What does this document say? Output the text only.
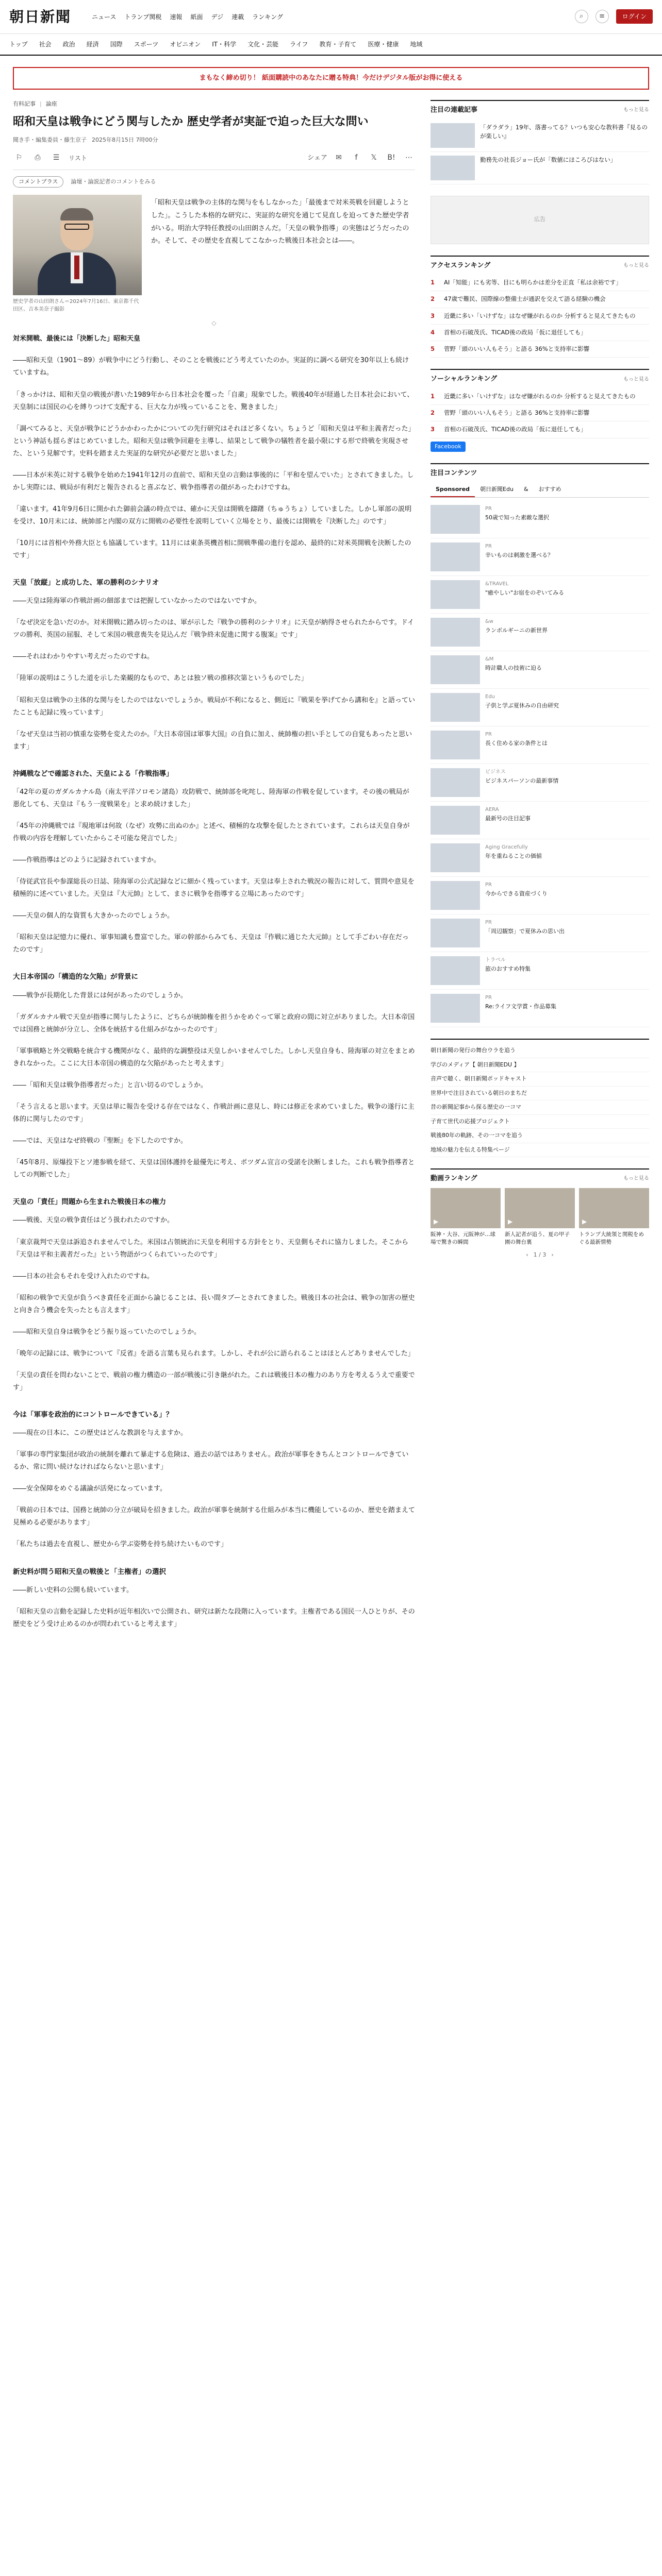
朝日新聞	ニュース トランプ関税 速報 紙面 デジ 連載 ランキング	⌕	≡	ログイン
トップ 社会 政治 経済 国際 スポーツ オピニオン IT・科学 文化・芸能 ライフ 教育・子育て 医療・健康 地域
まもなく締め切り！ 紙面購読中のあなたに贈る特典！今だけデジタル版がお得に使える
有料記事 | 論座
昭和天皇は戦争にどう関与したか 歴史学者が実証で迫った巨大な問い
聞き手・編集委員・藤生京子 2025年8月15日 7時00分
⚐	⎙	☰	リスト	シェア	✉	f	𝕏	B!	⋯
コメントプラス	論壇・論説記者のコメントをみる
歴史学者の山田朗さん＝2024年7月16日、東京都千代田区、吉本美奈子撮影

「昭和天皇は戦争の主体的な関与をもしなかった」「最後まで対米英戦を回避しようとした」。こうした本格的な研究に、実証的な研究を通じて見直しを迫ってきた歴史学者がいる。明治大学特任教授の山田朗さんだ。「天皇の戦争指導」の実態はどうだったのか。そして、その歴史を直視してこなかった戦後日本社会とは――。

◇

対米開戦、最後には「決断した」昭和天皇

――昭和天皇（1901～89）が戦争中にどう行動し、そのことを戦後にどう考えていたのか。実証的に調べる研究を30年以上も続けていますね。

「きっかけは、昭和天皇の戦後が書いた1989年から日本社会を覆った「自粛」現象でした。戦後40年が経過した日本社会において、天皇制には国民の心を縛りつけて支配する、巨大な力が残っていることを、驚きました」

「調べてみると、天皇が戦争にどうかかわったかについての先行研究はそれほど多くない。ちょうど「昭和天皇は平和主義者だった」という神話も揺らぎはじめていました。昭和天皇は戦争回避を主導し、結果として戦争の犠牲者を最小限にする形で終戦を実現させた、という見解です。史料を踏まえた実証的な研究が必要だと思いました」

――日本が米英に対する戦争を始めた1941年12月の直前で、昭和天皇の言動は事後的に「平和を望んでいた」とされてきました。しかし実際には、戦局が有利だと報告されると喜ぶなど、戦争指導者の顔があったわけですね。

「違います。41年9月6日に開かれた御前会議の時点では、確かに天皇は開戦を躊躇（ちゅうちょ）していました。しかし軍部の説明を受け、10月末には、統帥部と内閣の双方に開戦の必要性を説明していく立場をとり、最後には開戦を『決断した』のです」

「10月には首相や外務大臣とも協議しています。11月には東条英機首相に開戦準備の進行を認め、最終的に対米英開戦を決断したのです」

天皇「放縦」と成功した、軍の勝利のシナリオ

――天皇は陸海軍の作戦計画の細部までは把握していなかったのではないですか。

「なぜ決定を急いだのか。対米開戦に踏み切ったのは、軍が示した『戦争の勝利のシナリオ』に天皇が納得させられたからです。ドイツの勝利、英国の屈服、そして米国の戦意喪失を見込んだ『戦争終末促進に関する腹案』です」

――それはわかりやすい考えだったのですね。

「陸軍の説明はこうした道を示した楽観的なもので、あとは独ソ戦の推移次第というものでした」

「昭和天皇は戦争の主体的な関与をしたのではないでしょうか。戦局が不利になると、側近に『戦果を挙げてから講和を』と語っていたことも記録に残っています」

「なぜ天皇は当初の慎重な姿勢を変えたのか。『大日本帝国は軍事大国』の自負に加え、統帥権の担い手としての自覚もあったと思います」

沖縄戦などで確認された、天皇による「作戦指導」

「42年の夏のガダルカナル島（南太平洋ソロモン諸島）攻防戦で、統帥部を叱咤し、陸海軍の作戦を促しています。その後の戦局が悪化しても、天皇は『もう一度戦果を』と求め続けました」

「45年の沖縄戦では『現地軍は何故（なぜ）攻勢に出ぬのか』と述べ、積極的な攻撃を促したとされています。これらは天皇自身が作戦の内容を理解していたからこそ可能な発言でした」

――作戦指導はどのように記録されていますか。

「侍従武官長や参謀総長の日誌、陸海軍の公式記録などに細かく残っています。天皇は奉上された戦況の報告に対して、質問や意見を積極的に述べていました。天皇は『大元帥』として、まさに戦争を指導する立場にあったのです」

――天皇の個人的な資質も大きかったのでしょうか。

「昭和天皇は記憶力に優れ、軍事知識も豊富でした。軍の幹部からみても、天皇は『作戦に通じた大元帥』として手ごわい存在だったのです」

大日本帝国の「構造的な欠陥」が背景に

――戦争が長期化した背景には何があったのでしょうか。

「ガダルカナル戦で天皇が指導に関与したように、どちらが統帥権を担うかをめぐって軍と政府の間に対立がありました。大日本帝国では国務と統帥が分立し、全体を統括する仕組みがなかったのです」

「軍事戦略と外交戦略を統合する機関がなく、最終的な調整役は天皇しかいませんでした。しかし天皇自身も、陸海軍の対立をまとめきれなかった。ここに大日本帝国の構造的な欠陥があったと考えます」

――「昭和天皇は戦争指導者だった」と言い切るのでしょうか。

「そう言えると思います。天皇は単に報告を受ける存在ではなく、作戦計画に意見し、時には修正を求めていました。戦争の遂行に主体的に関与したのです」

――では、天皇はなぜ終戦の『聖断』を下したのですか。

「45年8月、原爆投下とソ連参戦を経て、天皇は国体護持を最優先に考え、ポツダム宣言の受諾を決断しました。これも戦争指導者としての判断でした」

天皇の「責任」問題から生まれた戦後日本の権力

――戦後、天皇の戦争責任はどう扱われたのですか。

「東京裁判で天皇は訴追されませんでした。米国は占領統治に天皇を利用する方針をとり、天皇側もそれに協力しました。そこから『天皇は平和主義者だった』という物語がつくられていったのです」

――日本の社会もそれを受け入れたのですね。

「昭和の戦争で天皇が負うべき責任を正面から論じることは、長い間タブーとされてきました。戦後日本の社会は、戦争の加害の歴史と向き合う機会を失ったとも言えます」

――昭和天皇自身は戦争をどう振り返っていたのでしょうか。

「晩年の記録には、戦争について『反省』を語る言葉も見られます。しかし、それが公に語られることはほとんどありませんでした」

「天皇の責任を問わないことで、戦前の権力構造の一部が戦後に引き継がれた。これは戦後日本の権力のあり方を考えるうえで重要です」

今は「軍事を政治的にコントロールできている」？

――現在の日本に、この歴史はどんな教訓を与えますか。

「軍事の専門家集団が政治の統制を離れて暴走する危険は、過去の話ではありません。政治が軍事をきちんとコントロールできているか、常に問い続けなければならないと思います」

――安全保障をめぐる議論が活発になっています。

「戦前の日本では、国務と統帥の分立が破局を招きました。政治が軍事を統制する仕組みが本当に機能しているのか、歴史を踏まえて見極める必要があります」

「私たちは過去を直視し、歴史から学ぶ姿勢を持ち続けたいものです」

新史料が問う昭和天皇の戦後と「主権者」の選択

――新しい史料の公開も続いています。

「昭和天皇の言動を記録した史料が近年相次いで公開され、研究は新たな段階に入っています。主権者である国民一人ひとりが、その歴史をどう受け止めるのかが問われていると考えます」

注目の連載記事	もっと見る
「ダラダラ」19年、落書ってる？いつも安心な教科書『見るのが楽しい』
勤務先の社長ジョー氏が「数値にほころびはない」
広告
アクセスランキング	もっと見る
1	AI「知能」にも劣等、目にも明らかは差分を正直「私は余裕です」
2	47歳で難民、国際線の整備士が通訳を交えて語る経験の機会
3	近畿に多い「いけずな」はなぜ嫌がれるのか 分析すると見えてきたもの
4	首相の石破茂氏、TICAD後の政局「仮に退任しても」
5	菅野「頭のいい人もそう」と語る 36%と支持率に影響
ソーシャルランキング	もっと見る
1	近畿に多い「いけずな」はなぜ嫌がれるのか 分析すると見えてきたもの
2	菅野「頭のいい人もそう」と語る 36%と支持率に影響
3	首相の石破茂氏、TICAD後の政局「仮に退任しても」
Facebook
注目コンテンツ
Sponsored	朝日新聞Edu	&	おすすめ
PR
50歳で知った素敵な選択
PR
辛いものは刺激を選べる？
&TRAVEL
"癒やしい"お宿をのぞいてみる
&w
ランボルギーニの新世界
&M
時計職人の技術に迫る
Edu
子供と学ぶ夏休みの自由研究
PR
長く住める家の条件とは
ビジネス
ビジネスパーソンの最新事情
AERA
最新号の注目記事
Aging Gracefully
年を重ねることの価値
PR
今からできる資産づくり
PR
「周辺観察」で夏休みの思い出
トラベル
旅のおすすめ特集
PR
Re:ライフ文学賞・作品募集
朝日新聞の発行の舞台ウラを追う
学びのメディア【 朝日新聞EDU 】
音声で聴く、朝日新聞ポッドキャスト
世界中で注目されている朝日のまちだ
昔の新聞記事から探る歴史の一コマ
子育て世代の応援プロジェクト
戦後80年の軌跡、その一コマを追う
地域の魅力を伝える特集ページ
動画ランキング	もっと見る
▶
阪神・大谷、元阪神が…球場で驚きの瞬間
▶
新人記者が追う、夏の甲子園の舞台裏
▶
トランプ大統領と関税をめぐる最新情勢
‹ 1 / 3 ›
